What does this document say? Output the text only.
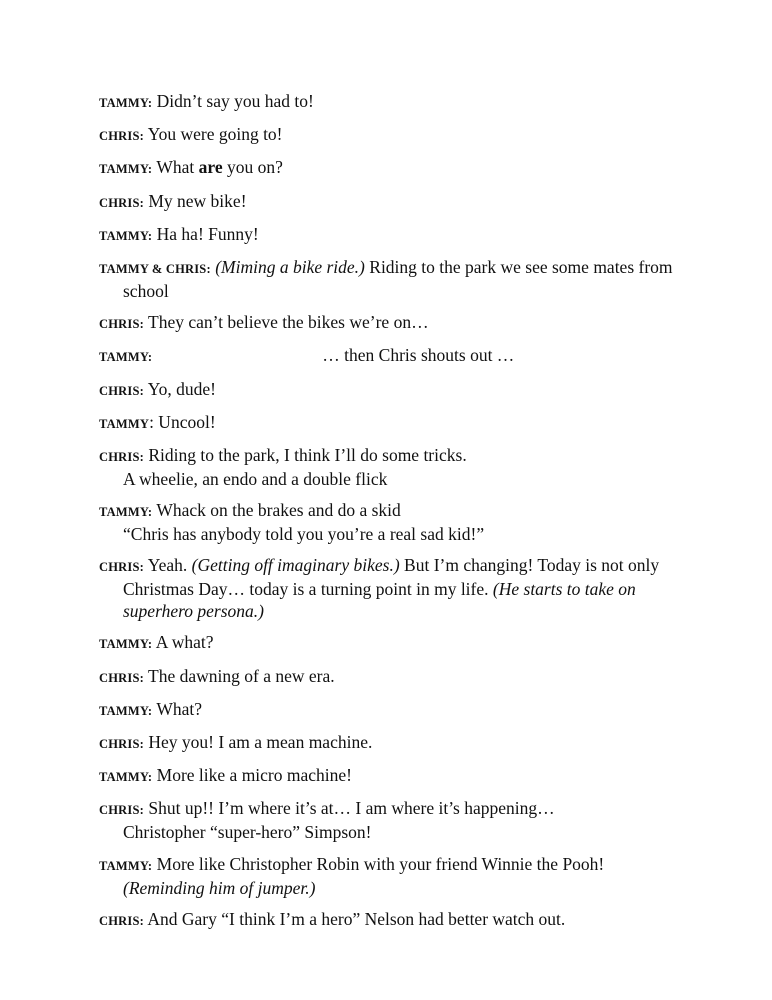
TAMMY: Didn’t say you had to!
CHRIS: You were going to!
TAMMY: What are you on?
CHRIS: My new bike!
TAMMY: Ha ha! Funny!
TAMMY & CHRIS: (Miming a bike ride.) Riding to the park we see some mates from school
CHRIS: They can’t believe the bikes we’re on…
TAMMY:	… then Chris shouts out …
CHRIS: Yo, dude!
TAMMY: Uncool!
CHRIS: Riding to the park, I think I’ll do some tricks.
A wheelie, an endo and a double flick
TAMMY: Whack on the brakes and do a skid
“Chris has anybody told you you’re a real sad kid!”
CHRIS: Yeah. (Getting off imaginary bikes.) But I’m changing! Today is not only Christmas Day… today is a turning point in my life. (He starts to take on superhero persona.)
TAMMY: A what?
CHRIS: The dawning of a new era.
TAMMY: What?
CHRIS: Hey you! I am a mean machine.
TAMMY: More like a micro machine!
CHRIS: Shut up!! I’m where it’s at… I am where it’s happening…
Christopher “super-hero” Simpson!
TAMMY: More like Christopher Robin with your friend Winnie the Pooh!
(Reminding him of jumper.)
CHRIS: And Gary “I think I’m a hero” Nelson had better watch out.
